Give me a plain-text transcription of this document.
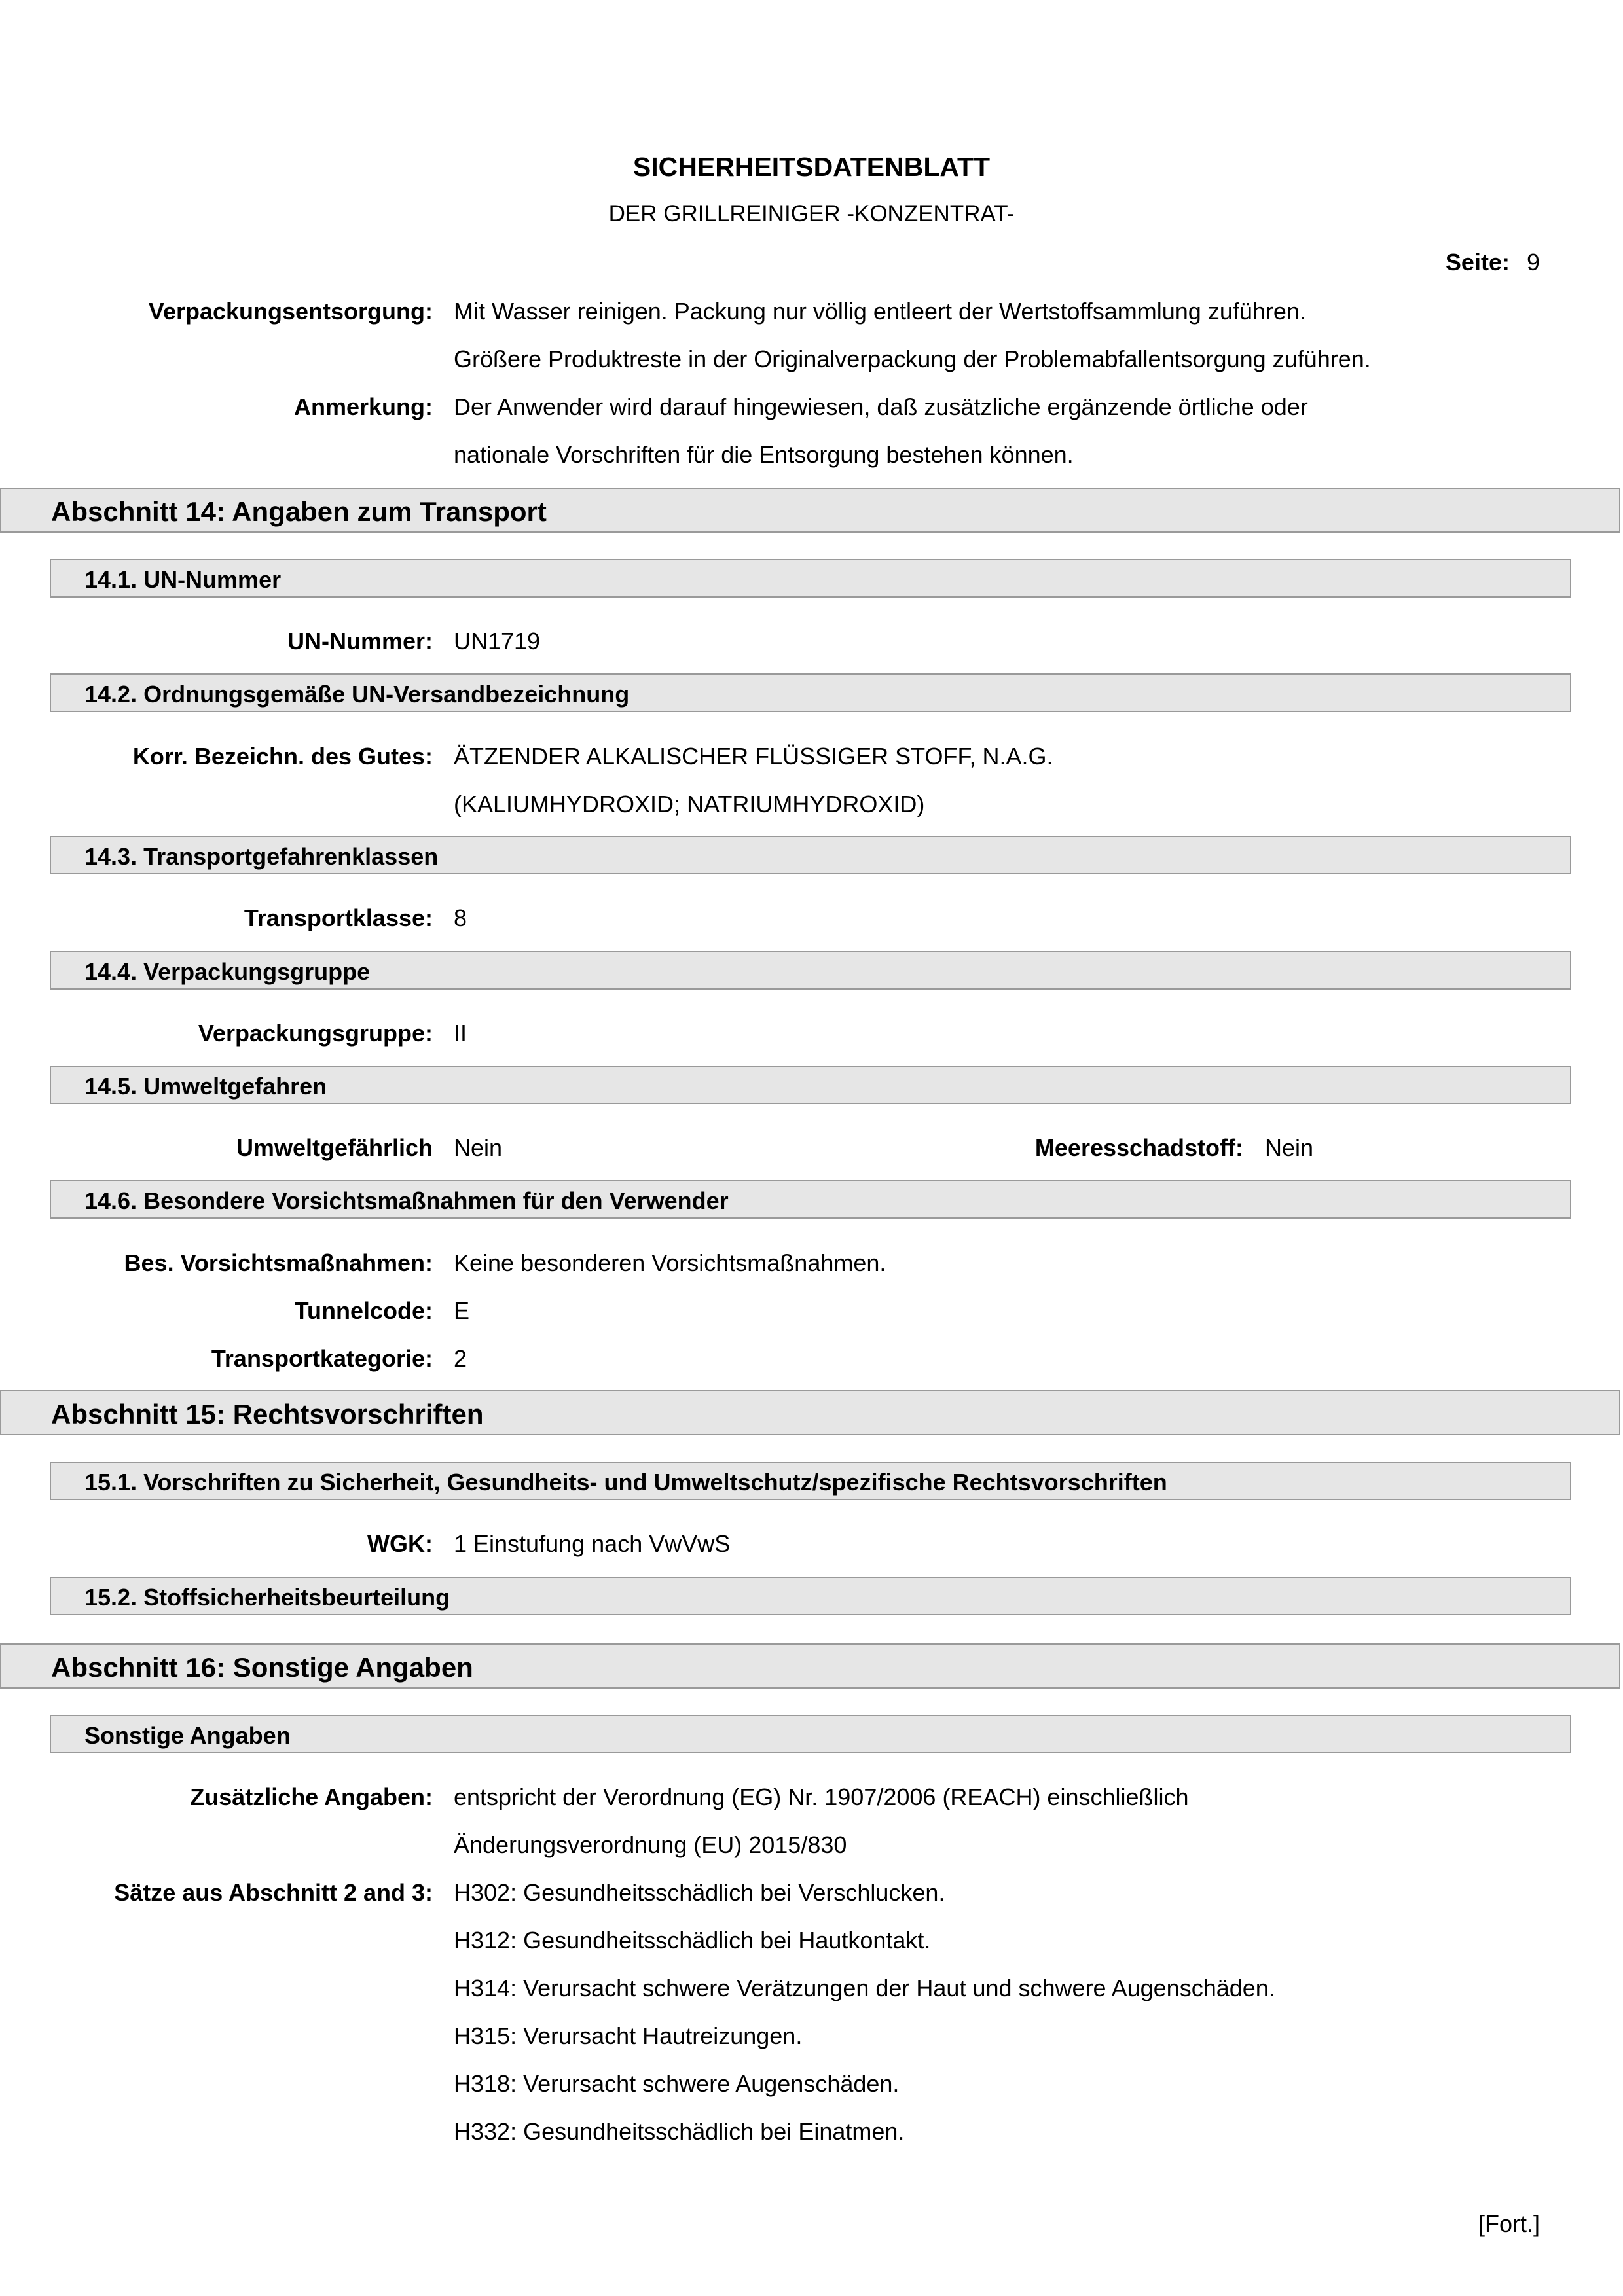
SICHERHEITSDATENBLATT
DER GRILLREINIGER -KONZENTRAT-
Seite: 9
Verpackungsentsorgung: Mit Wasser reinigen. Packung nur völlig entleert der Wertstoffsammlung zuführen.
Größere Produktreste in der Originalverpackung der Problemabfallentsorgung zuführen.
Anmerkung: Der Anwender wird darauf hingewiesen, daß zusätzliche ergänzende örtliche oder
nationale Vorschriften für die Entsorgung bestehen können.
Abschnitt 14: Angaben zum Transport
14.1. UN-Nummer
UN-Nummer: UN1719
14.2. Ordnungsgemäße UN-Versandbezeichnung
Korr. Bezeichn. des Gutes: ÄTZENDER ALKALISCHER FLÜSSIGER STOFF, N.A.G.
(KALIUMHYDROXID; NATRIUMHYDROXID)
14.3. Transportgefahrenklassen
Transportklasse: 8
14.4. Verpackungsgruppe
Verpackungsgruppe: II
14.5. Umweltgefahren
Umweltgefährlich Nein	Meeresschadstoff: Nein
14.6. Besondere Vorsichtsmaßnahmen für den Verwender
Bes. Vorsichtsmaßnahmen: Keine besonderen Vorsichtsmaßnahmen.
Tunnelcode: E
Transportkategorie: 2
Abschnitt 15: Rechtsvorschriften
15.1. Vorschriften zu Sicherheit, Gesundheits- und Umweltschutz/spezifische Rechtsvorschriften
WGK: 1 Einstufung nach VwVwS
15.2. Stoffsicherheitsbeurteilung
Abschnitt 16: Sonstige Angaben
Sonstige Angaben
Zusätzliche Angaben: entspricht der Verordnung (EG) Nr. 1907/2006 (REACH) einschließlich
Änderungsverordnung (EU) 2015/830
Sätze aus Abschnitt 2 and 3: H302: Gesundheitsschädlich bei Verschlucken.
H312: Gesundheitsschädlich bei Hautkontakt.
H314: Verursacht schwere Verätzungen der Haut und schwere Augenschäden.
H315: Verursacht Hautreizungen.
H318: Verursacht schwere Augenschäden.
H332: Gesundheitsschädlich bei Einatmen.
[Fort.]
